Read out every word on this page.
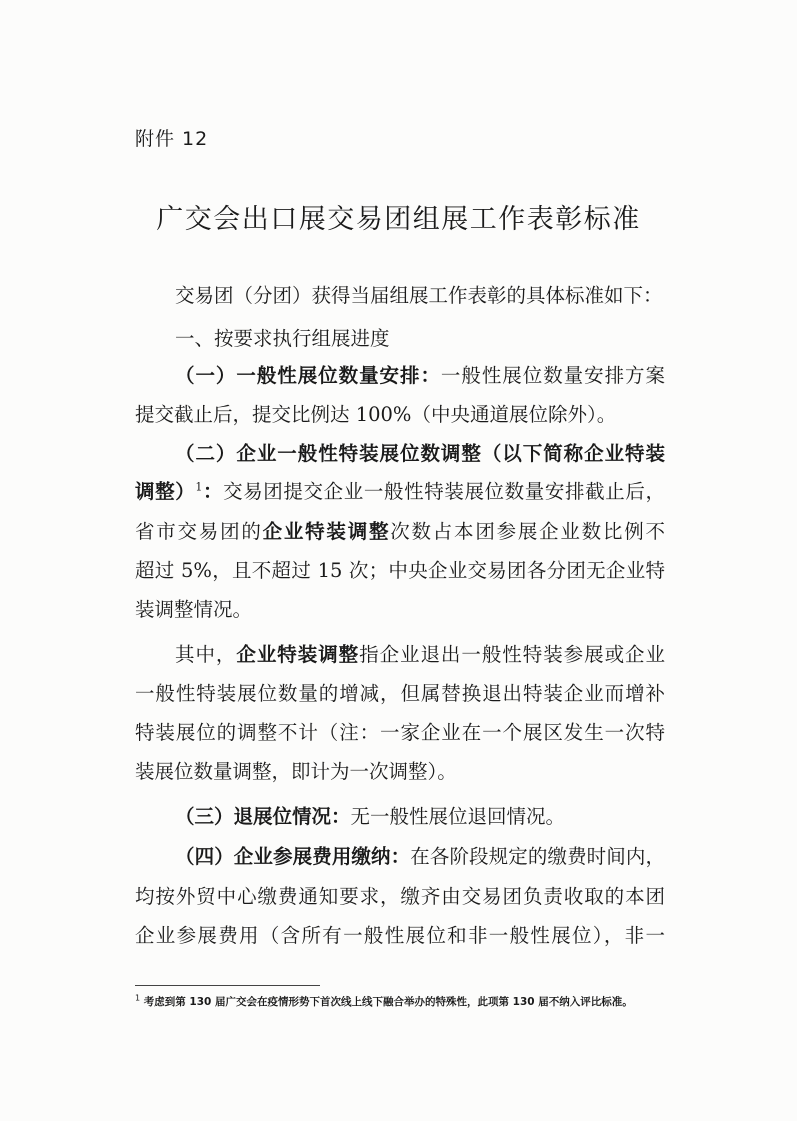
附件 12

广交会出口展交易团组展工作表彰标准

交易团（分团）获得当届组展工作表彰的具体标准如下：

一、按要求执行组展进度

（一）一般性展位数量安排：一般性展位数量安排方案

提交截止后，提交比例达 100%（中央通道展位除外）。

（二）企业一般性特装展位数调整（以下简称企业特装

调整）$^1$：交易团提交企业一般性特装展位数量安排截止后，

省市交易团的企业特装调整次数占本团参展企业数比例不

超过 5%，且不超过 15 次；中央企业交易团各分团无企业特

装调整情况。

其中，企业特装调整指企业退出一般性特装参展或企业

一般性特装展位数量的增减，但属替换退出特装企业而增补

特装展位的调整不计（注：一家企业在一个展区发生一次特

装展位数量调整，即计为一次调整）。

（三）退展位情况：无一般性展位退回情况。

（四）企业参展费用缴纳：在各阶段规定的缴费时间内，

均按外贸中心缴费通知要求，缴齐由交易团负责收取的本团

企业参展费用（含所有一般性展位和非一般性展位），非一

$^1$ 考虑到第 130 届广交会在疫情形势下首次线上线下融合举办的特殊性，此项第 130 届不纳入评比标准。
